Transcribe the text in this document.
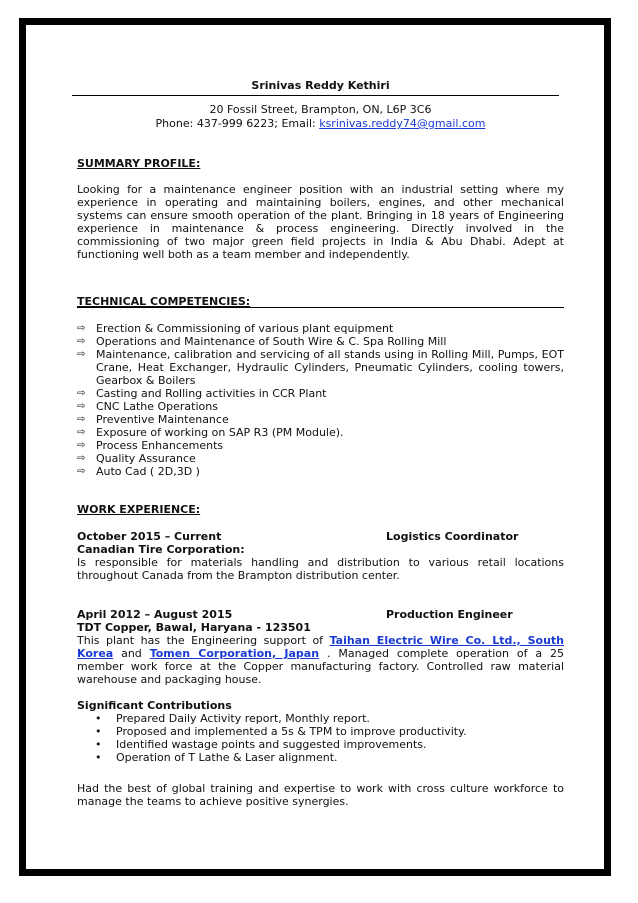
Srinivas Reddy Kethiri
20 Fossil Street, Brampton, ON, L6P 3C6
Phone: 437-999 6223; Email: ksrinivas.reddy74@gmail.com
SUMMARY PROFILE:
Looking for a maintenance engineer position with an industrial setting where my experience in operating and maintaining boilers, engines, and other mechanical systems can ensure smooth operation of the plant. Bringing in 18 years of Engineering experience in maintenance & process engineering. Directly involved in the commissioning of two major green field projects in India & Abu Dhabi. Adept at functioning well both as a team member and independently.
TECHNICAL COMPETENCIES:
⇨ Erection & Commissioning of various plant equipment
⇨ Operations and Maintenance of South Wire & C. Spa Rolling Mill
⇨ Maintenance, calibration and servicing of all stands using in Rolling Mill, Pumps, EOT Crane, Heat Exchanger, Hydraulic Cylinders, Pneumatic Cylinders, cooling towers, Gearbox & Boilers
⇨ Casting and Rolling activities in CCR Plant
⇨ CNC Lathe Operations
⇨ Preventive Maintenance
⇨ Exposure of working on SAP R3 (PM Module).
⇨ Process Enhancements
⇨ Quality Assurance
⇨ Auto Cad ( 2D,3D )
WORK EXPERIENCE:
October 2015 – Current	Logistics Coordinator
Canadian Tire Corporation:
Is responsible for materials handling and distribution to various retail locations throughout Canada from the Brampton distribution center.
April 2012 – August 2015	Production Engineer
TDT Copper, Bawal, Haryana - 123501
This plant has the Engineering support of Taihan Electric Wire Co. Ltd., South Korea and Tomen Corporation, Japan . Managed complete operation of a 25 member work force at the Copper manufacturing factory. Controlled raw material warehouse and packaging house.
Significant Contributions
• Prepared Daily Activity report, Monthly report.
• Proposed and implemented a 5s & TPM to improve productivity.
• Identified wastage points and suggested improvements.
• Operation of T Lathe & Laser alignment.
Had the best of global training and expertise to work with cross culture workforce to manage the teams to achieve positive synergies.
